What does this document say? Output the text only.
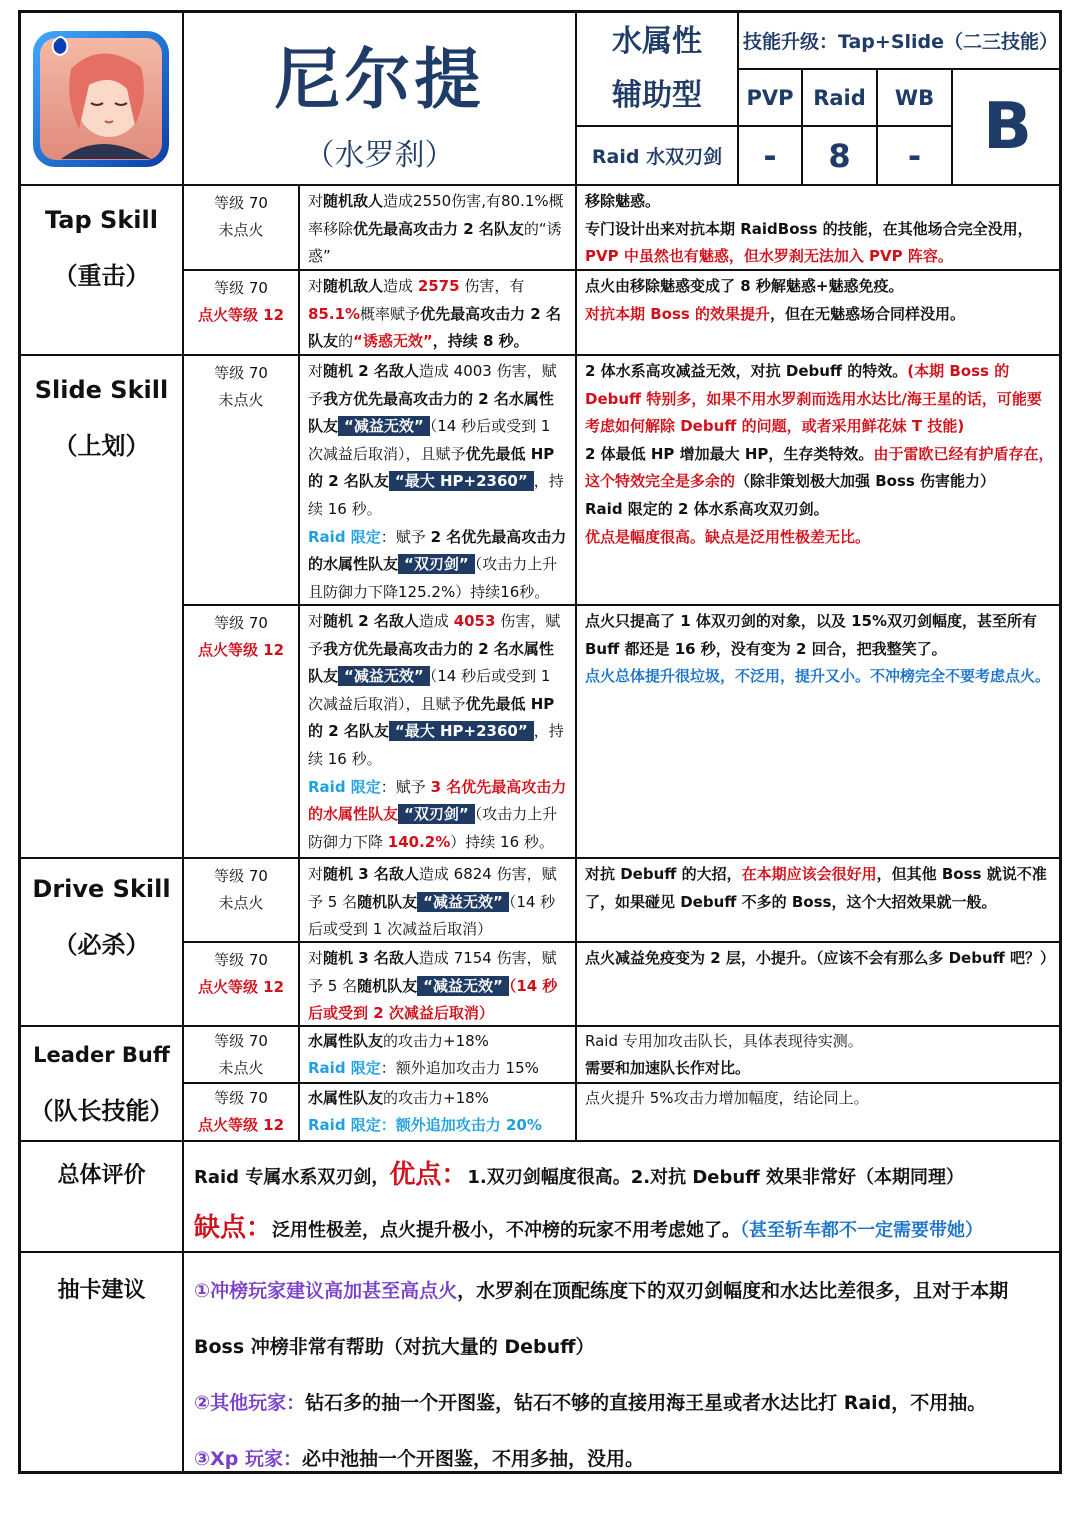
尼尔提
（水罗刹）
水属性
辅助型
技能升级：Tap+Slide（二三技能）
PVP Raid WB
Raid 水双刃剑 - 8 - B
Tap Skill
（重击）
等级 70
未点火
对随机敌人造成2550伤害,有80.1%概率移除优先最高攻击力 2 名队友的“诱惑”
移除魅惑。
专门设计出来对抗本期 RaidBoss 的技能，在其他场合完全没用，
PVP 中虽然也有魅惑，但水罗刹无法加入 PVP 阵容。
等级 70
点火等级 12
对随机敌人造成 2575 伤害，有 85.1%概率赋予优先最高攻击力 2 名队友的“诱惑无效”，持续 8 秒。
点火由移除魅惑变成了 8 秒解魅惑+魅惑免疫。
对抗本期 Boss 的效果提升，但在无魅惑场合同样没用。
Slide Skill
（上划）
等级 70
未点火
对随机 2 名敌人造成 4003 伤害，赋予我方优先最高攻击力的 2 名水属性队友 “减益无效” （14 秒后或受到 1 次减益后取消），且赋予优先最低 HP 的 2 名队友 “最大 HP+2360” ，持续 16 秒。
Raid 限定：赋予 2 名优先最高攻击力的水属性队友 “双刃剑” （攻击力上升且防御力下降125.2%）持续16秒。
2 体水系高攻减益无效，对抗 Debuff 的特效。(本期 Boss 的 Debuff 特别多，如果不用水罗刹而选用水达比/海王星的话，可能要考虑如何解除 Debuff 的问题，或者采用鲜花妹 T 技能)
2 体最低 HP 增加最大 HP，生存类特效。由于雷欧已经有护盾存在，这个特效完全是多余的（除非策划极大加强 Boss 伤害能力）
Raid 限定的 2 体水系高攻双刃剑。
优点是幅度很高。缺点是泛用性极差无比。
等级 70
点火等级 12
对随机 2 名敌人造成 4053 伤害，赋予我方优先最高攻击力的 2 名水属性队友 “减益无效” （14 秒后或受到 1 次减益后取消），且赋予优先最低 HP 的 2 名队友 “最大 HP+2360” ，持续 16 秒。
Raid 限定：赋予 3 名优先最高攻击力的水属性队友 “双刃剑” （攻击力上升防御力下降 140.2%）持续 16 秒。
点火只提高了 1 体双刃剑的对象，以及 15%双刃剑幅度，甚至所有 Buff 都还是 16 秒，没有变为 2 回合，把我整笑了。
点火总体提升很垃圾，不泛用，提升又小。不冲榜完全不要考虑点火。
Drive Skill
（必杀）
等级 70
未点火
对随机 3 名敌人造成 6824 伤害，赋予 5 名随机队友 “减益无效” （14 秒后或受到 1 次减益后取消）
对抗 Debuff 的大招，在本期应该会很好用，但其他 Boss 就说不准了，如果碰见 Debuff 不多的 Boss，这个大招效果就一般。
等级 70
点火等级 12
对随机 3 名敌人造成 7154 伤害，赋予 5 名随机队友 “减益无效” （14 秒后或受到 2 次减益后取消）
点火减益免疫变为 2 层，小提升。（应该不会有那么多 Debuff 吧？）
Leader Buff
（队长技能）
等级 70
未点火
水属性队友的攻击力+18%
Raid 限定：额外追加攻击力 15%
Raid 专用加攻击队长，具体表现待实测。
需要和加速队长作对比。
等级 70
点火等级 12
水属性队友的攻击力+18%
Raid 限定：额外追加攻击力 20%
点火提升 5%攻击力增加幅度，结论同上。
总体评价	Raid 专属水系双刃剑，优点：1.双刃剑幅度很高。2.对抗 Debuff 效果非常好（本期同理）
缺点：泛用性极差，点火提升极小，不冲榜的玩家不用考虑她了。（甚至斩车都不一定需要带她）
抽卡建议	①冲榜玩家建议高加甚至高点火，水罗刹在顶配练度下的双刃剑幅度和水达比差很多，且对于本期 Boss 冲榜非常有帮助（对抗大量的 Debuff）
②其他玩家：钻石多的抽一个开图鉴，钻石不够的直接用海王星或者水达比打 Raid，不用抽。
③Xp 玩家：必中池抽一个开图鉴，不用多抽，没用。
